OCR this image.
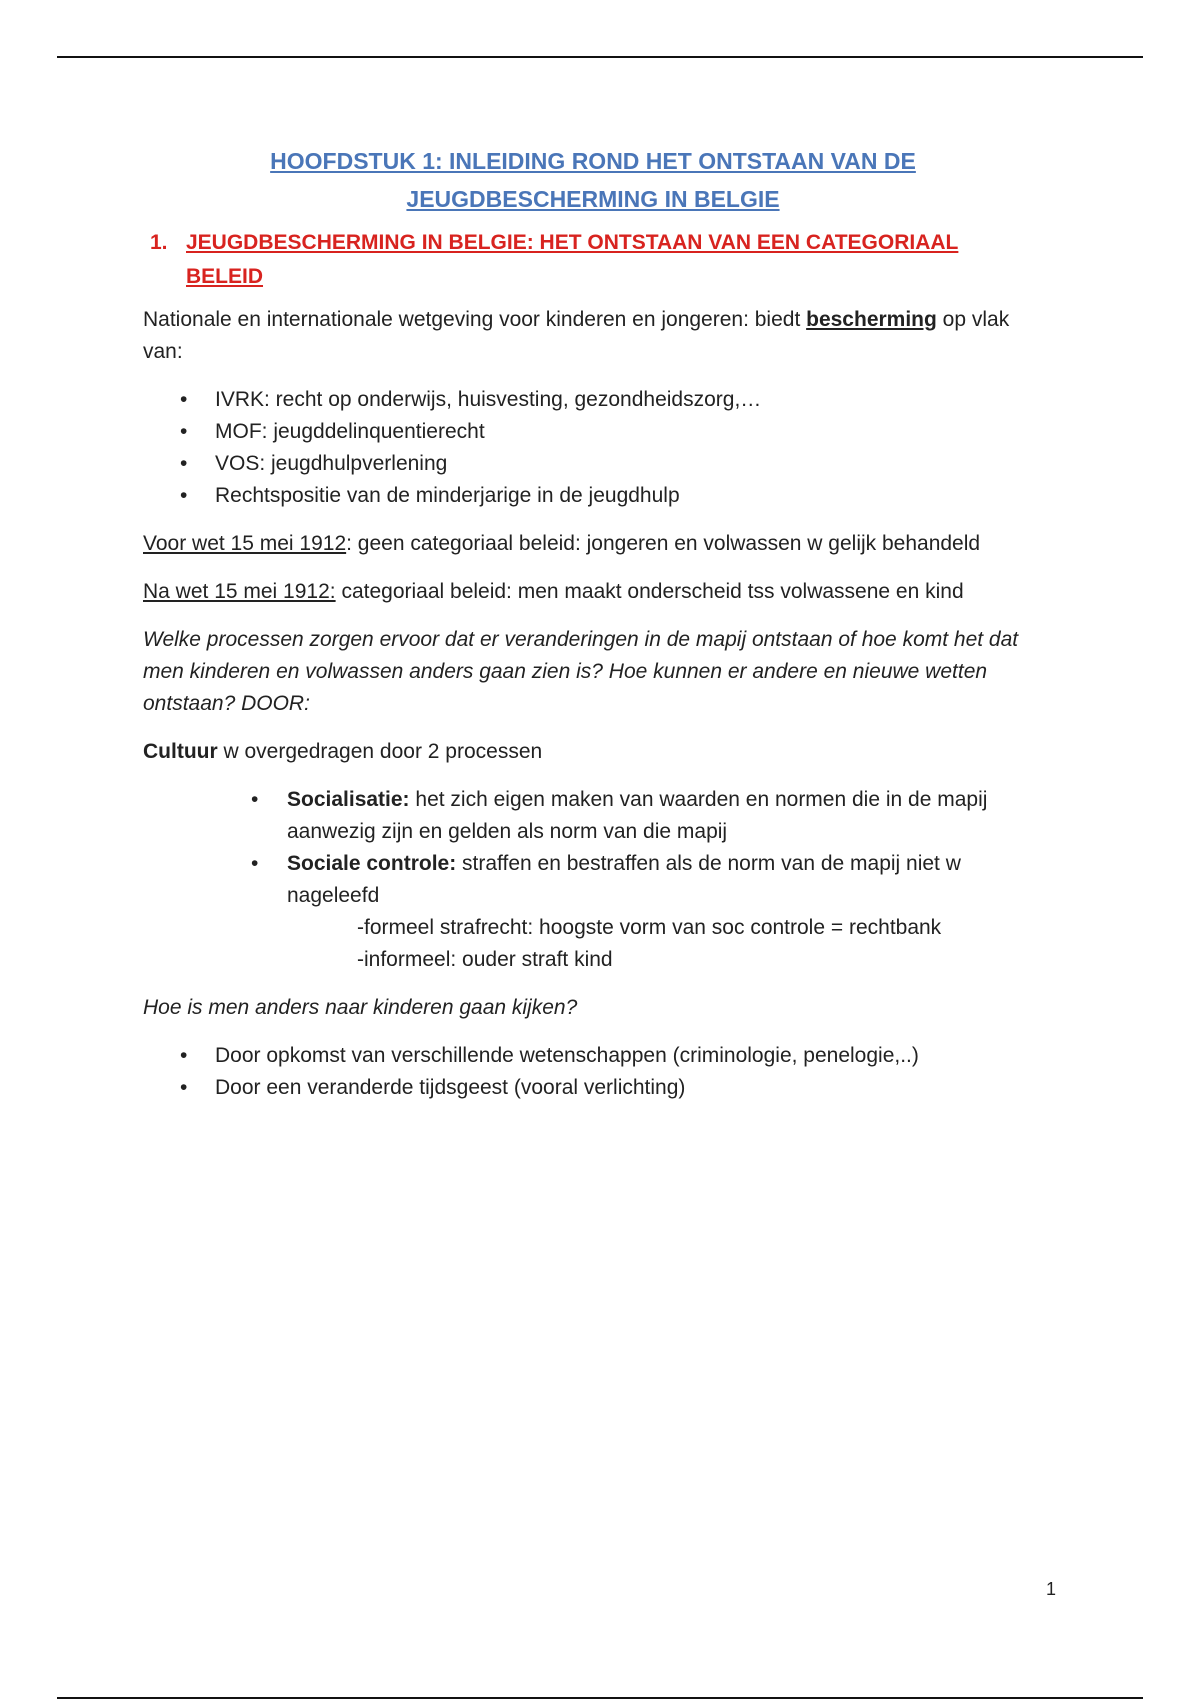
HOOFDSTUK 1: INLEIDING ROND HET ONTSTAAN VAN DE
JEUGDBESCHERMING IN BELGIE
1. JEUGDBESCHERMING IN BELGIE: HET ONTSTAAN VAN EEN CATEGORIAAL BELEID

Nationale en internationale wetgeving voor kinderen en jongeren: biedt bescherming op vlak van:

• IVRK: recht op onderwijs, huisvesting, gezondheidszorg,…
• MOF: jeugddelinquentierecht
• VOS: jeugdhulpverlening
• Rechtspositie van de minderjarige in de jeugdhulp

Voor wet 15 mei 1912: geen categoriaal beleid: jongeren en volwassen w gelijk behandeld

Na wet 15 mei 1912: categoriaal beleid: men maakt onderscheid tss volwassene en kind

Welke processen zorgen ervoor dat er veranderingen in de mapij ontstaan of hoe komt het dat men kinderen en volwassen anders gaan zien is? Hoe kunnen er andere en nieuwe wetten ontstaan? DOOR:

Cultuur w overgedragen door 2 processen

• Socialisatie: het zich eigen maken van waarden en normen die in de mapij aanwezig zijn en gelden als norm van die mapij
• Sociale controle: straffen en bestraffen als de norm van de mapij niet w nageleefd
-formeel strafrecht: hoogste vorm van soc controle = rechtbank
-informeel: ouder straft kind

Hoe is men anders naar kinderen gaan kijken?

• Door opkomst van verschillende wetenschappen (criminologie, penelogie,..)
• Door een veranderde tijdsgeest (vooral verlichting)
1
